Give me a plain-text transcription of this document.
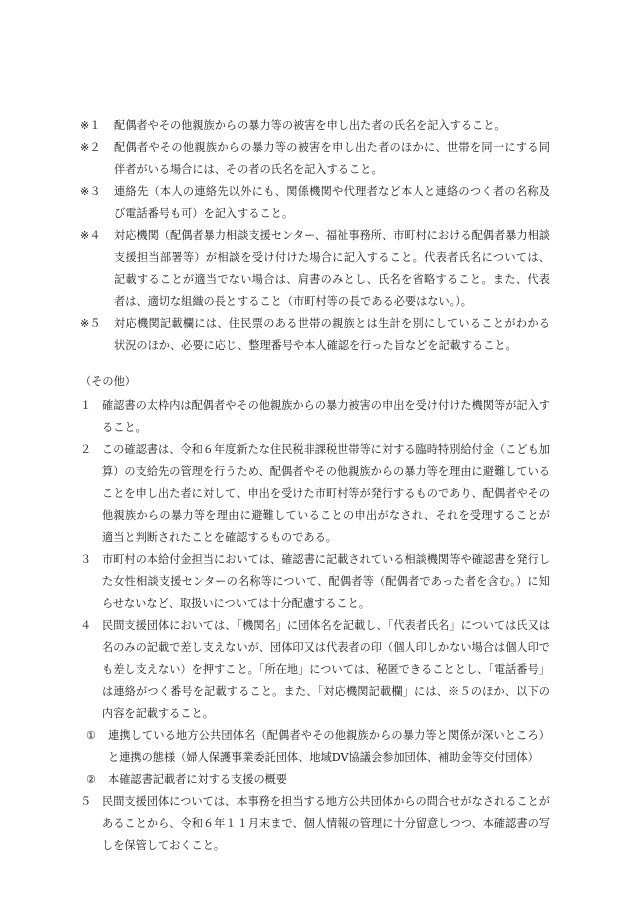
※１	配偶者やその他親族からの暴力等の被害を申し出た者の氏名を記入すること。
※２	配偶者やその他親族からの暴力等の被害を申し出た者のほかに、世帯を同一にする同伴者がいる場合には、その者の氏名を記入すること。
※３	連絡先（本人の連絡先以外にも、関係機関や代理者など本人と連絡のつく者の名称及び電話番号も可）を記入すること。
※４	対応機関（配偶者暴力相談支援センター、福祉事務所、市町村における配偶者暴力相談支援担当部署等）が相談を受け付けた場合に記入すること。代表者氏名については、記載することが適当でない場合は、肩書のみとし、氏名を省略すること。また、代表者は、適切な組織の長とすること（市町村等の長である必要はない。）。
※５	対応機関記載欄には、住民票のある世帯の親族とは生計を別にしていることがわかる状況のほか、必要に応じ、整理番号や本人確認を行った旨などを記載すること。
（その他）
１ 確認書の太枠内は配偶者やその他親族からの暴力被害の申出を受け付けた機関等が記入すること。
２ この確認書は、令和６年度新たな住民税非課税世帯等に対する臨時特別給付金（こども加算）の支給先の管理を行うため、配偶者やその他親族からの暴力等を理由に避難していることを申し出た者に対して、申出を受けた市町村等が発行するものであり、配偶者やその他親族からの暴力等を理由に避難していることの申出がなされ、それを受理することが適当と判断されたことを確認するものである。
３ 市町村の本給付金担当においては、確認書に記載されている相談機関等や確認書を発行した女性相談支援センターの名称等について、配偶者等（配偶者であった者を含む。）に知らせないなど、取扱いについては十分配慮すること。
４ 民間支援団体においては、「機関名」に団体名を記載し、「代表者氏名」については氏又は名のみの記載で差し支えないが、団体印又は代表者の印（個人印しかない場合は個人印でも差し支えない）を押すこと。「所在地」については、秘匿できることとし、「電話番号」は連絡がつく番号を記載すること。また、「対応機関記載欄」には、※５のほか、以下の内容を記載すること。
①	連携している地方公共団体名（配偶者やその他親族からの暴力等と関係が深いところ）と連携の態様（婦人保護事業委託団体、地域DV協議会参加団体、補助金等交付団体）
②	本確認書記載者に対する支援の概要
５ 民間支援団体については、本事務を担当する地方公共団体からの問合せがなされることがあることから、令和６年１１月末まで、個人情報の管理に十分留意しつつ、本確認書の写しを保管しておくこと。
